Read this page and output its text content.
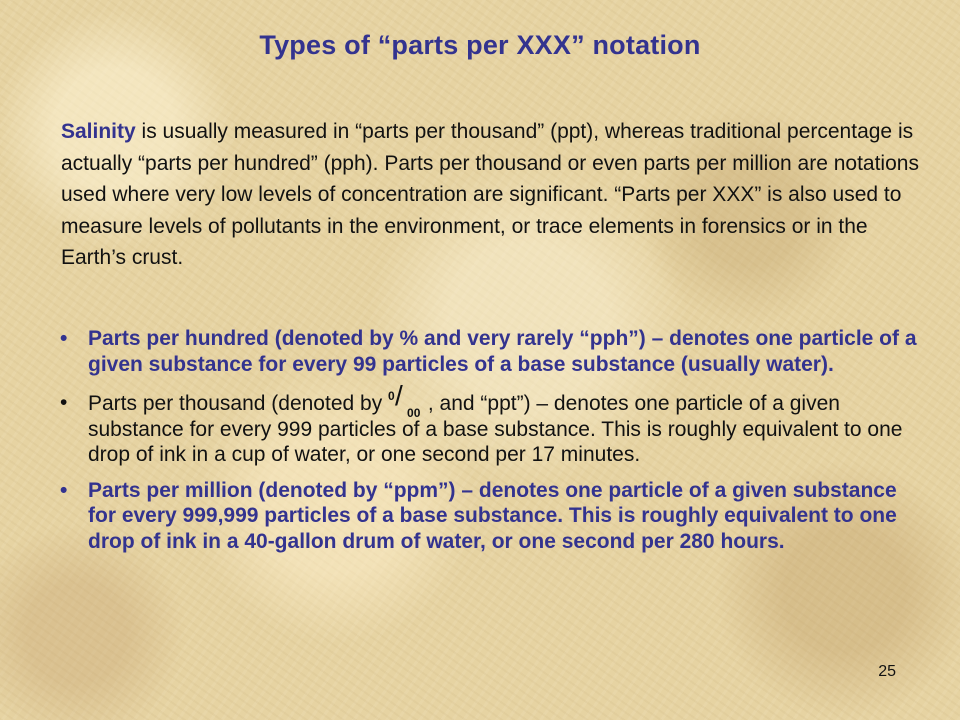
Types of “parts per XXX” notation
Salinity is usually measured in “parts per thousand” (ppt), whereas traditional percentage is actually “parts per hundred” (pph). Parts per thousand or even parts per million are notations used where very low levels of concentration are significant. “Parts per XXX” is also used to measure levels of pollutants in the environment, or trace elements in forensics or in the Earth’s crust.
• Parts per hundred (denoted by % and very rarely “pph”) – denotes one particle of a given substance for every 99 particles of a base substance (usually water).
• Parts per thousand (denoted by 0 /
00 , and “ppt”) – denotes one particle of a given substance for every 999 particles of a base substance. This is roughly equivalent to one drop of ink in a cup of water, or one second per 17 minutes.
• Parts per million (denoted by “ppm”) – denotes one particle of a given substance for every 999,999 particles of a base substance. This is roughly equivalent to one drop of ink in a 40-gallon drum of water, or one second per 280 hours.
25
